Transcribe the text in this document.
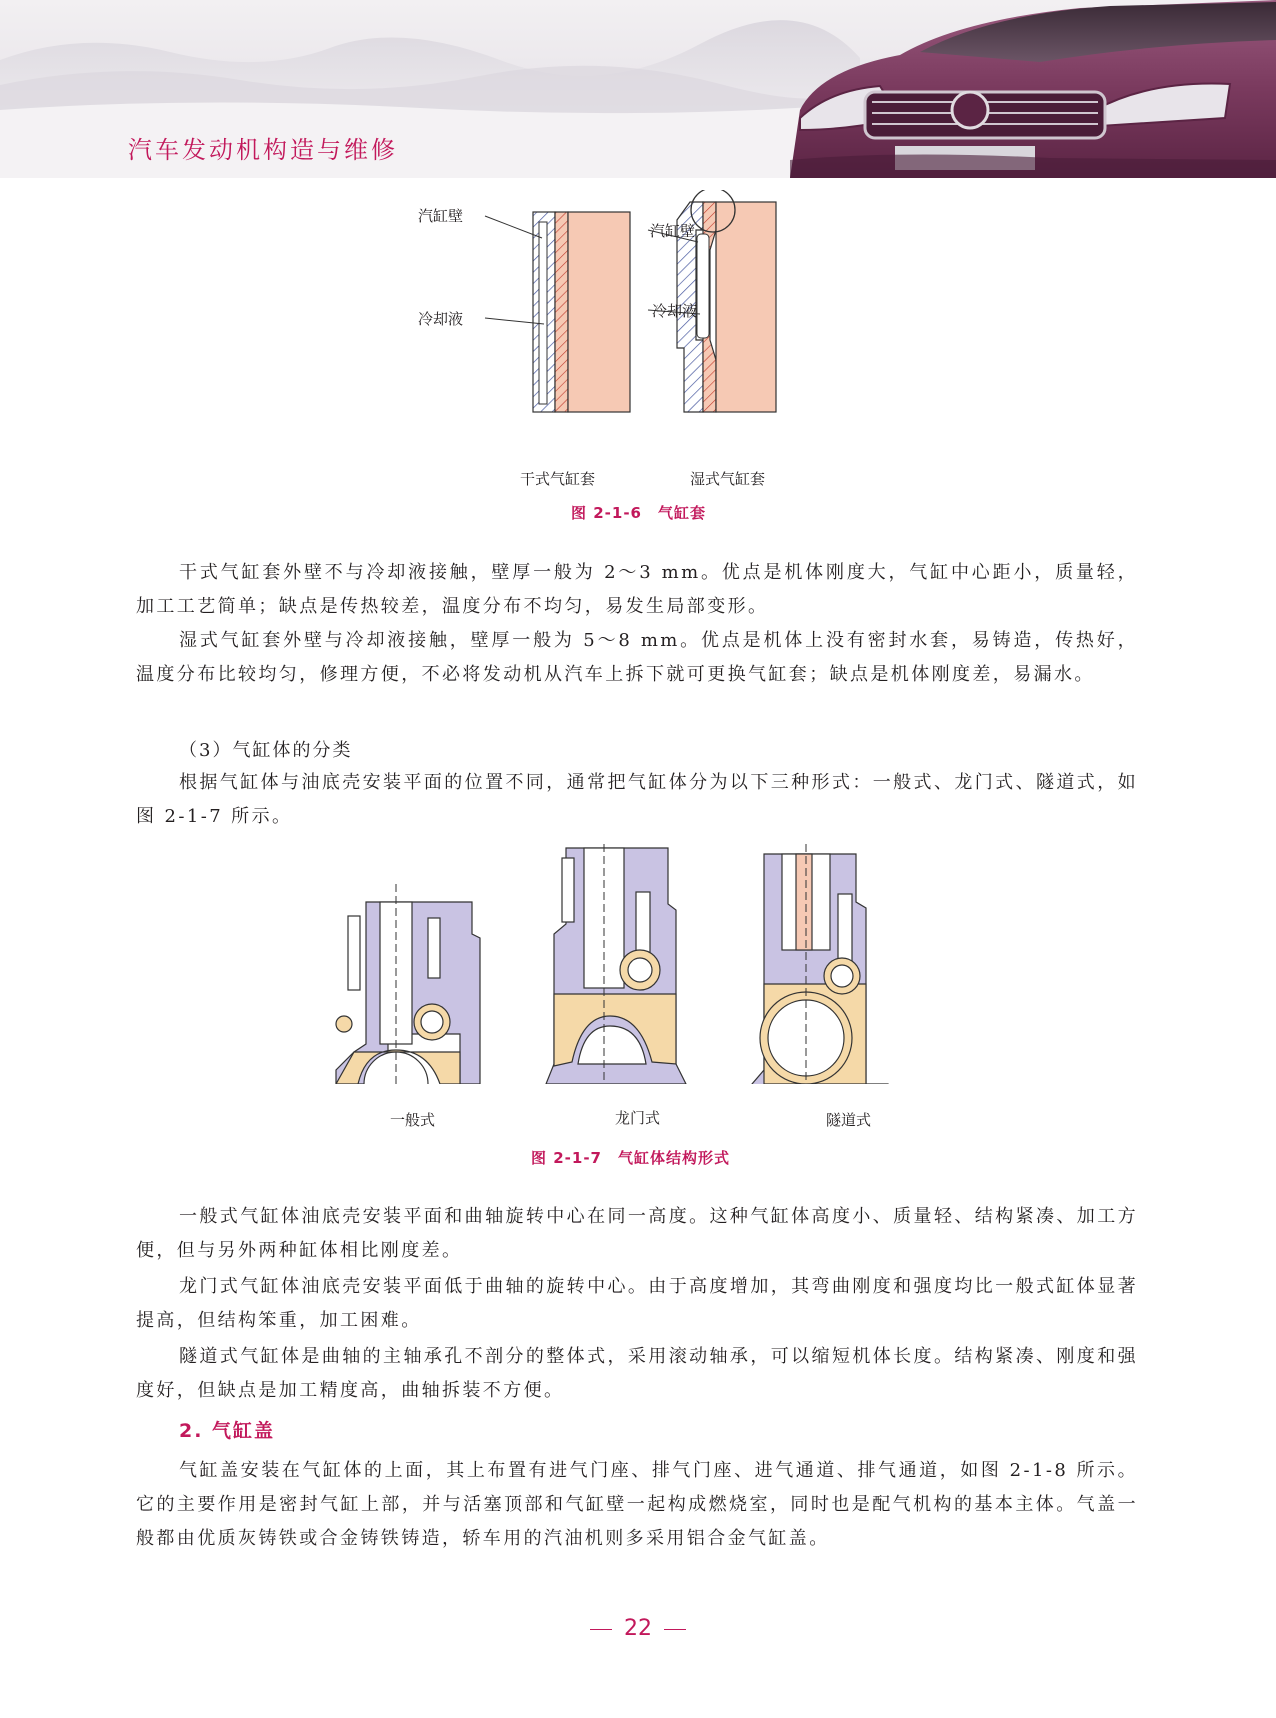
汽车发动机构造与维修
汽缸壁
冷却液
汽缸壁
冷却液
干式气缸套	湿式气缸套
图 2-1-6　气缸套
干式气缸套外壁不与冷却液接触，壁厚一般为 2～3 mm。优点是机体刚度大，气缸中心距小，质量轻，加工工艺简单；缺点是传热较差，温度分布不均匀，易发生局部变形。
湿式气缸套外壁与冷却液接触，壁厚一般为 5～8 mm。优点是机体上没有密封水套，易铸造，传热好，温度分布比较均匀，修理方便，不必将发动机从汽车上拆下就可更换气缸套；缺点是机体刚度差，易漏水。
（3）气缸体的分类
根据气缸体与油底壳安装平面的位置不同，通常把气缸体分为以下三种形式：一般式、龙门式、隧道式，如图 2-1-7 所示。
一般式	龙门式	隧道式
图 2-1-7　气缸体结构形式
一般式气缸体油底壳安装平面和曲轴旋转中心在同一高度。这种气缸体高度小、质量轻、结构紧凑、加工方便，但与另外两种缸体相比刚度差。
龙门式气缸体油底壳安装平面低于曲轴的旋转中心。由于高度增加，其弯曲刚度和强度均比一般式缸体显著提高，但结构笨重，加工困难。
隧道式气缸体是曲轴的主轴承孔不剖分的整体式，采用滚动轴承，可以缩短机体长度。结构紧凑、刚度和强度好，但缺点是加工精度高，曲轴拆装不方便。
2. 气缸盖
气缸盖安装在气缸体的上面，其上布置有进气门座、排气门座、进气通道、排气通道，如图 2-1-8 所示。它的主要作用是密封气缸上部，并与活塞顶部和气缸壁一起构成燃烧室，同时也是配气机构的基本主体。气盖一般都由优质灰铸铁或合金铸铁铸造，轿车用的汽油机则多采用铝合金气缸盖。
22
